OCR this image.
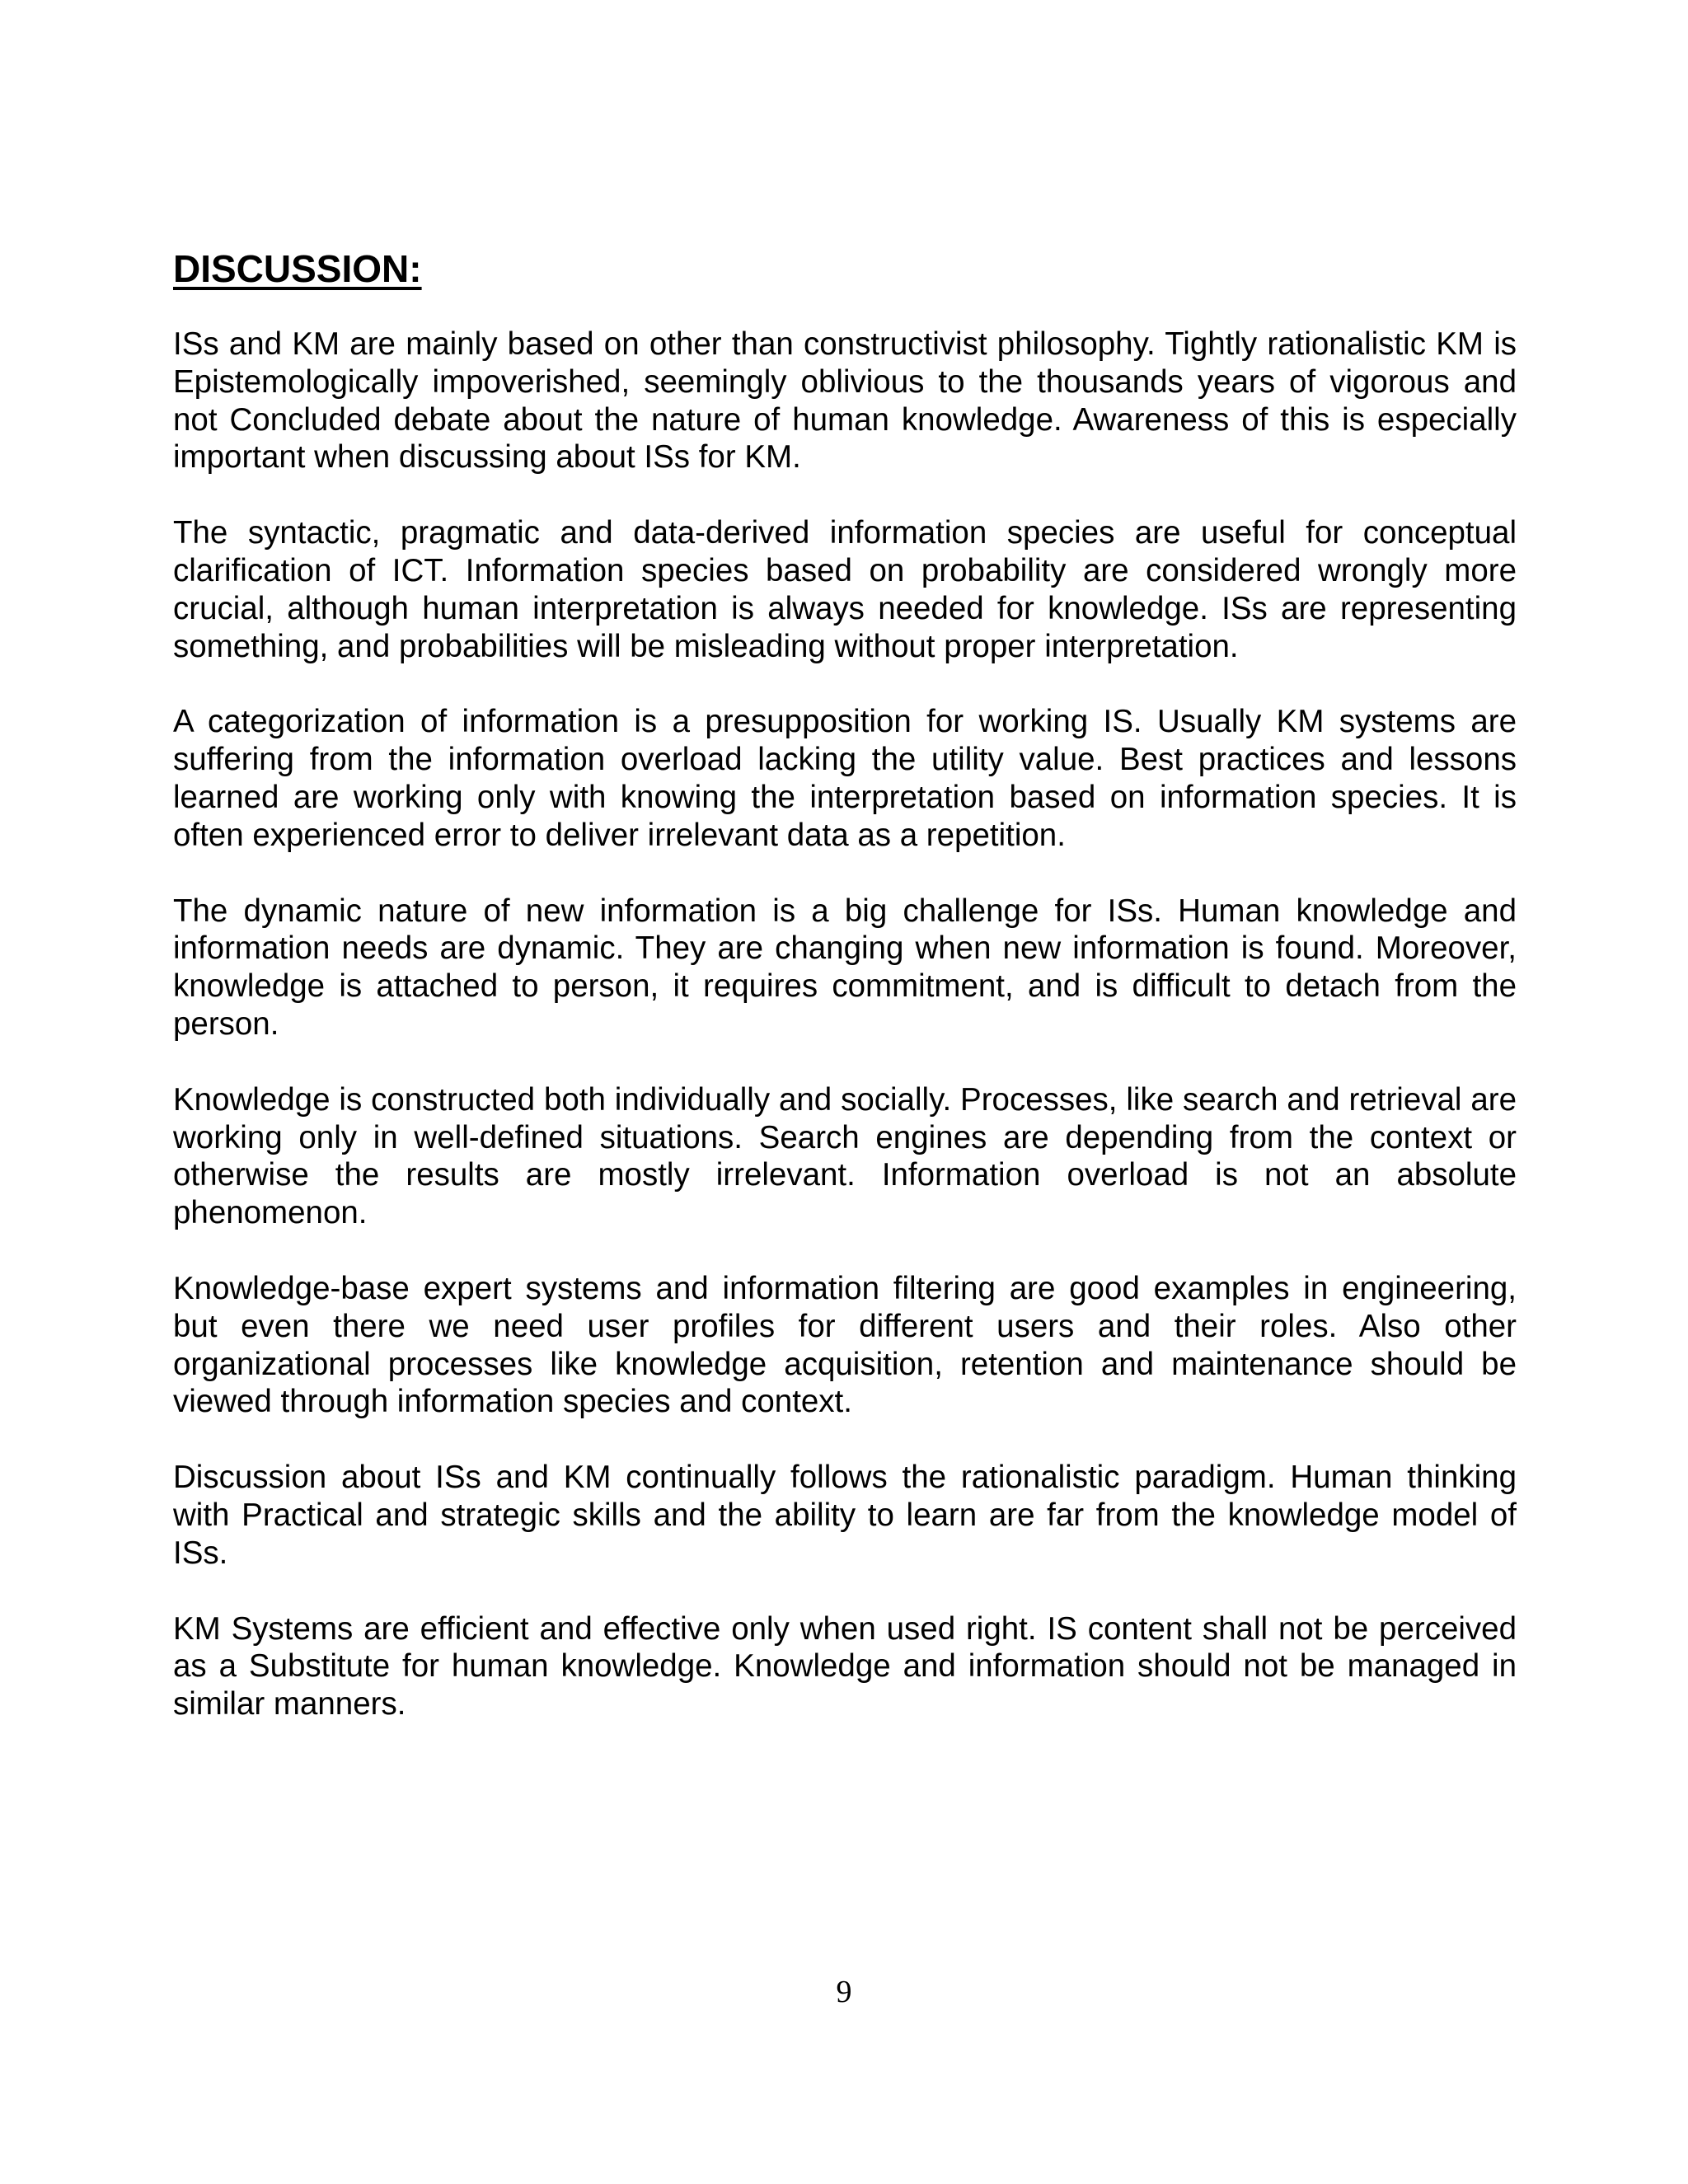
DISCUSSION:

ISs and KM are mainly based on other than constructivist philosophy. Tightly rationalistic KM is Epistemologically impoverished, seemingly oblivious to the thousands years of vigorous and not Concluded debate about the nature of human knowledge. Awareness of this is especially important when discussing about ISs for KM.

The syntactic, pragmatic and data-derived information species are useful for conceptual clarification of ICT. Information species based on probability are considered wrongly more crucial, although human interpretation is always needed for knowledge. ISs are representing something, and probabilities will be misleading without proper interpretation.

A categorization of information is a presupposition for working IS. Usually KM systems are suffering from the information overload lacking the utility value. Best practices and lessons learned are working only with knowing the interpretation based on information species. It is often experienced error to deliver irrelevant data as a repetition.

The dynamic nature of new information is a big challenge for ISs. Human knowledge and information needs are dynamic. They are changing when new information is found. Moreover, knowledge is attached to person, it requires commitment, and is difficult to detach from the person.

Knowledge is constructed both individually and socially. Processes, like search and retrieval are working only in well-defined situations. Search engines are depending from the context or otherwise the results are mostly irrelevant. Information overload is not an absolute phenomenon.

Knowledge-base expert systems and information filtering are good examples in engineering, but even there we need user profiles for different users and their roles. Also other organizational processes like knowledge acquisition, retention and maintenance should be viewed through information species and context.

Discussion about ISs and KM continually follows the rationalistic paradigm. Human thinking with Practical and strategic skills and the ability to learn are far from the knowledge model of ISs.

KM Systems are efficient and effective only when used right. IS content shall not be perceived as a Substitute for human knowledge. Knowledge and information should not be managed in similar manners.

9
